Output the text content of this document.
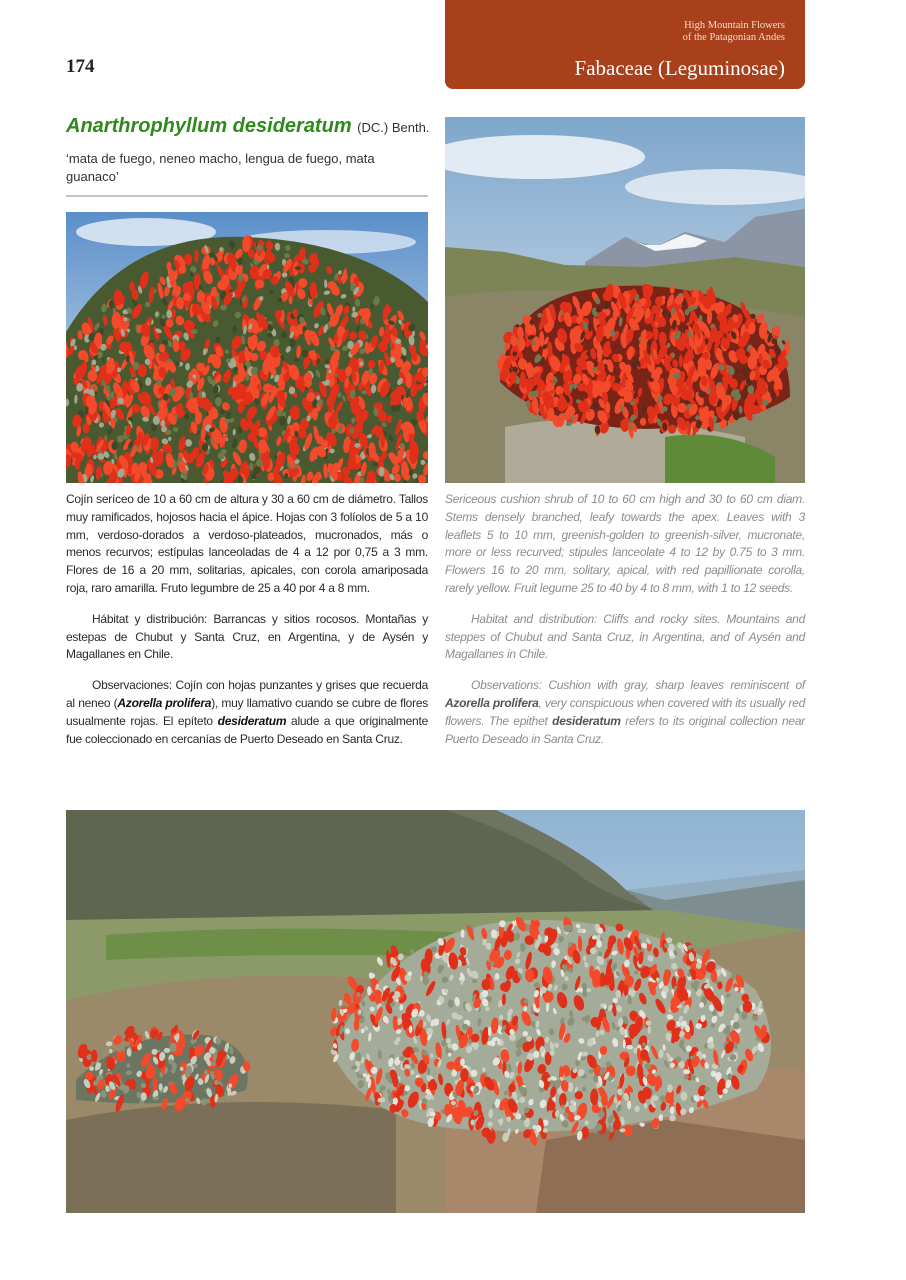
174
High Mountain Flowers
of the Patagonian Andes
Fabaceae (Leguminosae)
Anarthrophyllum desideratum (DC.) Benth.
‘mata de fuego, neneo macho, lengua de fuego, mata guanaco’

Cojín seríceo de 10 a 60 cm de altura y 30 a 60 cm de diámetro. Tallos muy ramificados, hojosos hacia el ápice. Hojas con 3 folíolos de 5 a 10 mm, verdoso-dorados a verdoso-plateados, mucronados, más o menos recurvos; estípulas lanceoladas de 4 a 12 por 0,75 a 3 mm. Flores de 16 a 20 mm, solitarias, apicales, con corola amariposada roja, raro amarilla. Fruto legumbre de 25 a 40 por 4 a 8 mm.

Hábitat y distribución: Barrancas y sitios rocosos. Montañas y estepas de Chubut y Santa Cruz, en Argentina, y de Aysén y Magallanes en Chile.

Observaciones: Cojín con hojas punzantes y grises que recuerda al neneo (Azorella prolifera), muy llamativo cuando se cubre de flores usualmente rojas. El epíteto desideratum alude a que originalmente fue coleccionado en cercanías de Puerto Deseado en Santa Cruz.

Sericeous cushion shrub of 10 to 60 cm high and 30 to 60 cm diam. Stems densely branched, leafy towards the apex. Leaves with 3 leaflets 5 to 10 mm, greenish-golden to greenish-silver, mucronate, more or less recurved; stipules lanceolate 4 to 12 by 0.75 to 3 mm. Flowers 16 to 20 mm, solitary, apical, with red papillionate corolla, rarely yellow. Fruit legume 25 to 40 by 4 to 8 mm, with 1 to 12 seeds.

Habitat and distribution: Cliffs and rocky sites. Mountains and steppes of Chubut and Santa Cruz, in Argentina, and of Aysén and Magallanes in Chile.

Observations: Cushion with gray, sharp leaves reminiscent of Azorella prolifera, very conspicuous when covered with its usually red flowers. The epithet desideratum refers to its original collection near Puerto Deseado in Santa Cruz.
